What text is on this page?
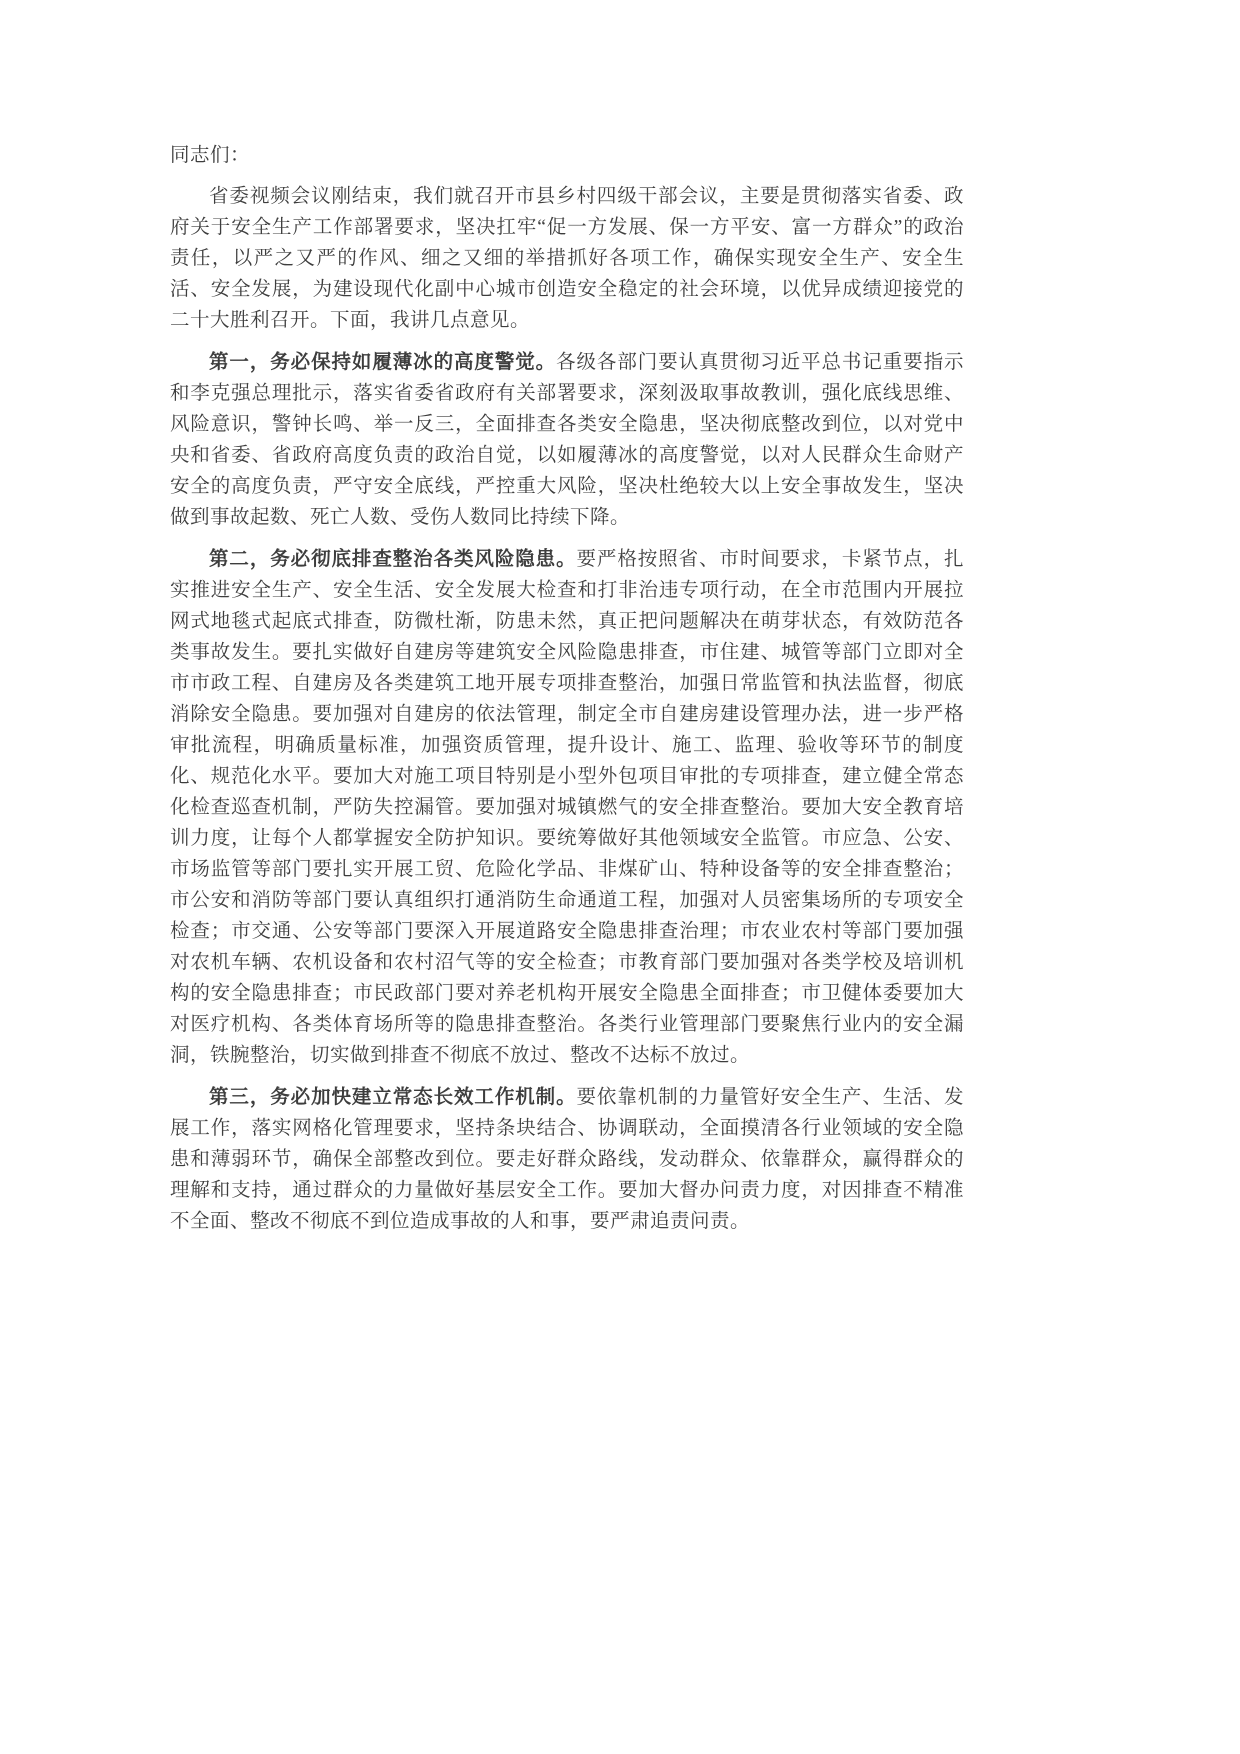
同志们：

省委视频会议刚结束，我们就召开市县乡村四级干部会议，主要是贯彻落实省委、政府关于安全生产工作部署要求，坚决扛牢“促一方发展、保一方平安、富一方群众”的政治责任，以严之又严的作风、细之又细的举措抓好各项工作，确保实现安全生产、安全生活、安全发展，为建设现代化副中心城市创造安全稳定的社会环境，以优异成绩迎接党的二十大胜利召开。下面，我讲几点意见。

第一，务必保持如履薄冰的高度警觉。各级各部门要认真贯彻习近平总书记重要指示和李克强总理批示，落实省委省政府有关部署要求，深刻汲取事故教训，强化底线思维、风险意识，警钟长鸣、举一反三，全面排查各类安全隐患，坚决彻底整改到位，以对党中央和省委、省政府高度负责的政治自觉，以如履薄冰的高度警觉，以对人民群众生命财产安全的高度负责，严守安全底线，严控重大风险，坚决杜绝较大以上安全事故发生，坚决做到事故起数、死亡人数、受伤人数同比持续下降。

第二，务必彻底排查整治各类风险隐患。要严格按照省、市时间要求，卡紧节点，扎实推进安全生产、安全生活、安全发展大检查和打非治违专项行动，在全市范围内开展拉网式地毯式起底式排查，防微杜渐，防患未然，真正把问题解决在萌芽状态，有效防范各类事故发生。要扎实做好自建房等建筑安全风险隐患排查，市住建、城管等部门立即对全市市政工程、自建房及各类建筑工地开展专项排查整治，加强日常监管和执法监督，彻底消除安全隐患。要加强对自建房的依法管理，制定全市自建房建设管理办法，进一步严格审批流程，明确质量标准，加强资质管理，提升设计、施工、监理、验收等环节的制度化、规范化水平。要加大对施工项目特别是小型外包项目审批的专项排查，建立健全常态化检查巡查机制，严防失控漏管。要加强对城镇燃气的安全排查整治。要加大安全教育培训力度，让每个人都掌握安全防护知识。要统筹做好其他领域安全监管。市应急、公安、市场监管等部门要扎实开展工贸、危险化学品、非煤矿山、特种设备等的安全排查整治；市公安和消防等部门要认真组织打通消防生命通道工程，加强对人员密集场所的专项安全检查；市交通、公安等部门要深入开展道路安全隐患排查治理；市农业农村等部门要加强对农机车辆、农机设备和农村沼气等的安全检查；市教育部门要加强对各类学校及培训机构的安全隐患排查；市民政部门要对养老机构开展安全隐患全面排查；市卫健体委要加大对医疗机构、各类体育场所等的隐患排查整治。各类行业管理部门要聚焦行业内的安全漏洞，铁腕整治，切实做到排查不彻底不放过、整改不达标不放过。

第三，务必加快建立常态长效工作机制。要依靠机制的力量管好安全生产、生活、发展工作，落实网格化管理要求，坚持条块结合、协调联动，全面摸清各行业领域的安全隐患和薄弱环节，确保全部整改到位。要走好群众路线，发动群众、依靠群众，赢得群众的理解和支持，通过群众的力量做好基层安全工作。要加大督办问责力度，对因排查不精准不全面、整改不彻底不到位造成事故的人和事，要严肃追责问责。
